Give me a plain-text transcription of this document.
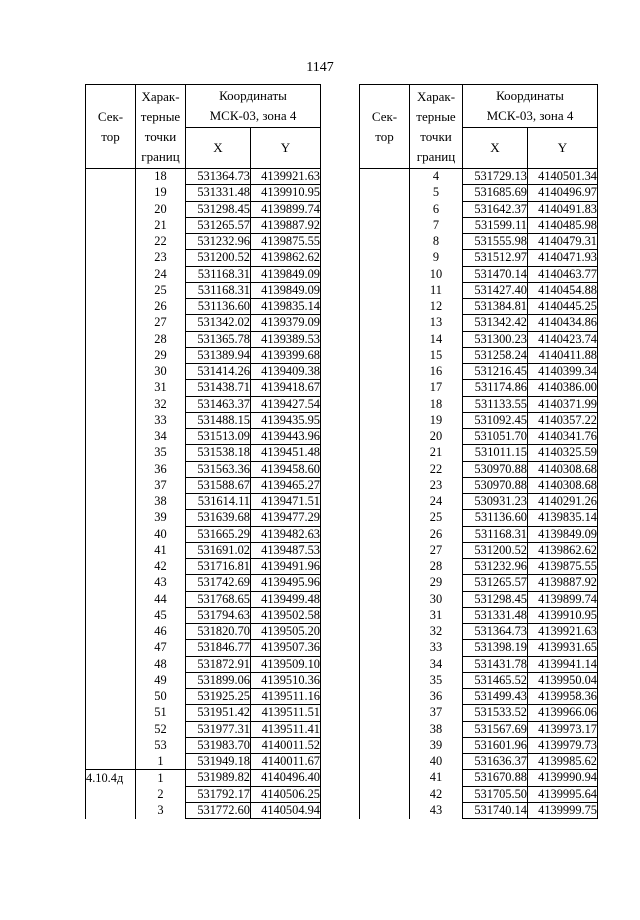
1147
Сек-
тор	Харак-
терные
точки
границ	Координаты
МСК-03, зона 4	
		X	Y
	18	531364.73	4139921.63
	19	531331.48	4139910.95
	20	531298.45	4139899.74
	21	531265.57	4139887.92
	22	531232.96	4139875.55
	23	531200.52	4139862.62
	24	531168.31	4139849.09
	25	531168.31	4139849.09
	26	531136.60	4139835.14
	27	531342.02	4139379.09
	28	531365.78	4139389.53
	29	531389.94	4139399.68
	30	531414.26	4139409.38
	31	531438.71	4139418.67
	32	531463.37	4139427.54
	33	531488.15	4139435.95
	34	531513.09	4139443.96
	35	531538.18	4139451.48
	36	531563.36	4139458.60
	37	531588.67	4139465.27
	38	531614.11	4139471.51
	39	531639.68	4139477.29
	40	531665.29	4139482.63
	41	531691.02	4139487.53
	42	531716.81	4139491.96
	43	531742.69	4139495.96
	44	531768.65	4139499.48
	45	531794.63	4139502.58
	46	531820.70	4139505.20
	47	531846.77	4139507.36
	48	531872.91	4139509.10
	49	531899.06	4139510.36
	50	531925.25	4139511.16
	51	531951.42	4139511.51
	52	531977.31	4139511.41
	53	531983.70	4140011.52
	1	531949.18	4140011.67
4.10.4д	1	531989.82	4140496.40
	2	531792.17	4140506.25
	3	531772.60	4140504.94
Сек-
тор	Харак-
терные
точки
границ	Координаты
МСК-03, зона 4	
		X	Y
	4	531729.13	4140501.34
	5	531685.69	4140496.97
	6	531642.37	4140491.83
	7	531599.11	4140485.98
	8	531555.98	4140479.31
	9	531512.97	4140471.93
	10	531470.14	4140463.77
	11	531427.40	4140454.88
	12	531384.81	4140445.25
	13	531342.42	4140434.86
	14	531300.23	4140423.74
	15	531258.24	4140411.88
	16	531216.45	4140399.34
	17	531174.86	4140386.00
	18	531133.55	4140371.99
	19	531092.45	4140357.22
	20	531051.70	4140341.76
	21	531011.15	4140325.59
	22	530970.88	4140308.68
	23	530970.88	4140308.68
	24	530931.23	4140291.26
	25	531136.60	4139835.14
	26	531168.31	4139849.09
	27	531200.52	4139862.62
	28	531232.96	4139875.55
	29	531265.57	4139887.92
	30	531298.45	4139899.74
	31	531331.48	4139910.95
	32	531364.73	4139921.63
	33	531398.19	4139931.65
	34	531431.78	4139941.14
	35	531465.52	4139950.04
	36	531499.43	4139958.36
	37	531533.52	4139966.06
	38	531567.69	4139973.17
	39	531601.96	4139979.73
	40	531636.37	4139985.62
	41	531670.88	4139990.94
	42	531705.50	4139995.64
	43	531740.14	4139999.75
